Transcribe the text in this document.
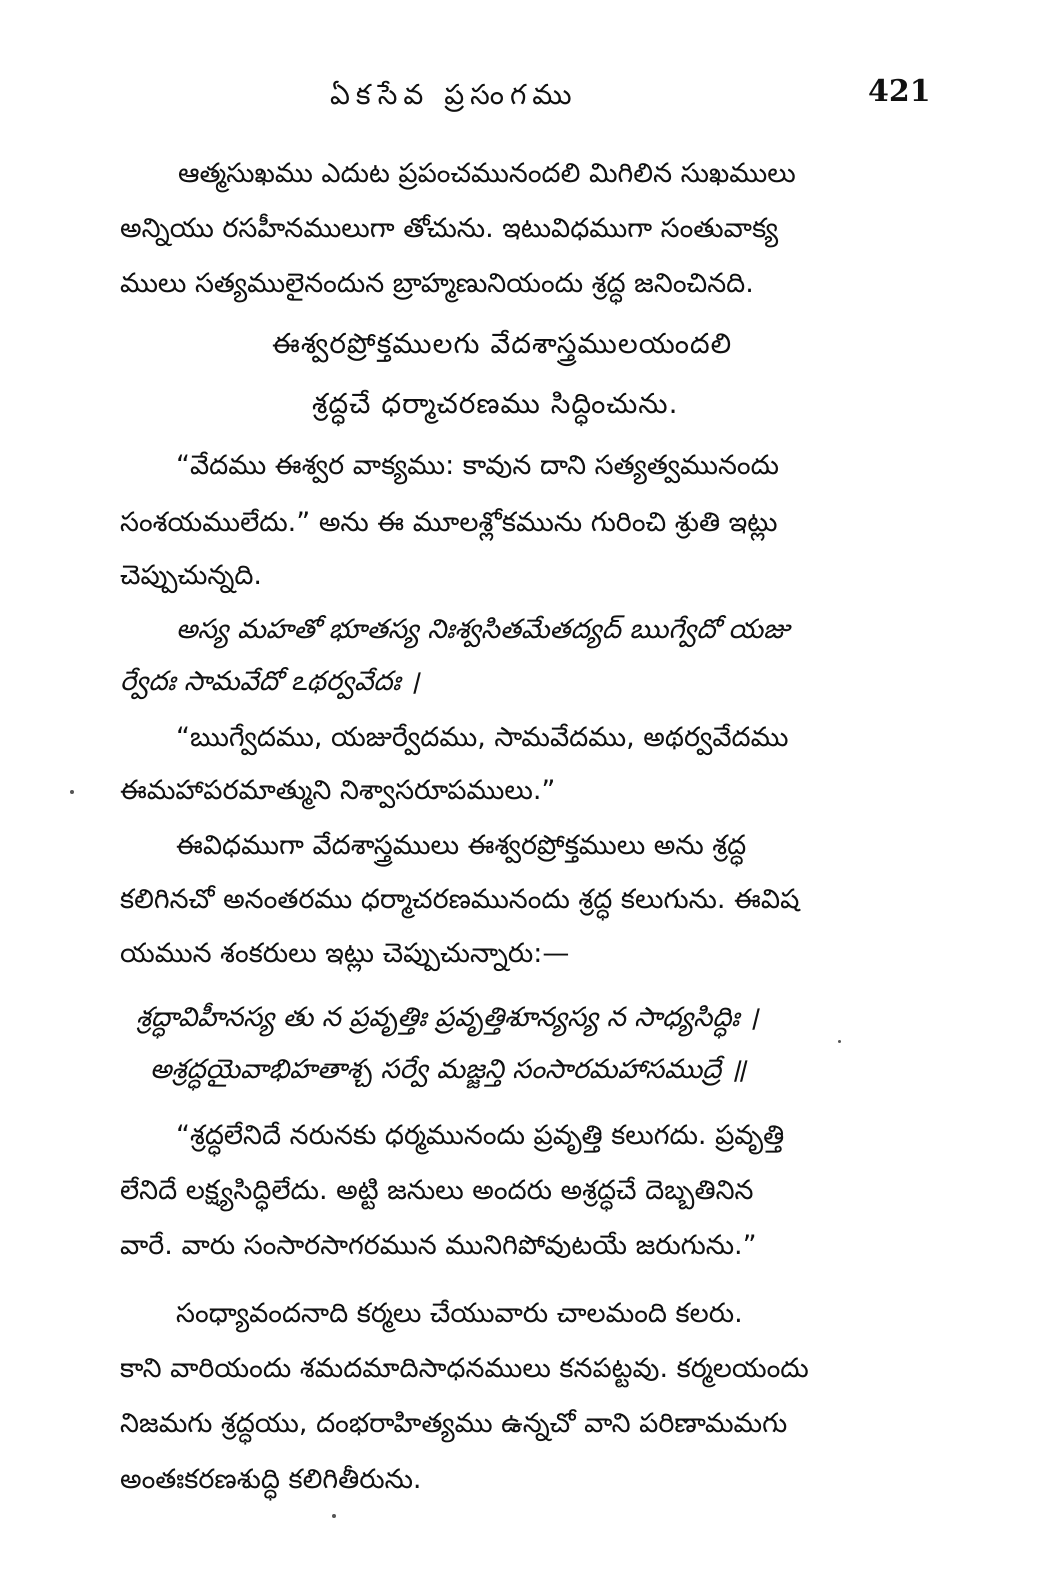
ఏకసేవ ప్రసంగము	421
ఆత్మసుఖము ఎదుట ప్రపంచమునందలి మిగిలిన సుఖములు
అన్నియు రసహీనములుగా తోచును. ఇటువిధముగా సంతువాక్య
ములు సత్యములైనందున బ్రాహ్మణునియందు శ్రద్ధ జనించినది.
ఈశ్వరప్రోక్తములగు వేదశాస్త్రములయందలి
శ్రద్ధచే ధర్మాచరణము సిద్ధించును.
“వేదము ఈశ్వర వాక్యము: కావున దాని సత్యత్వమునందు
సంశయములేదు.” అను ఈ మూలశ్లోకమును గురించి శ్రుతి ఇట్లు
చెప్పుచున్నది.
అస్య మహతో భూతస్య నిఃశ్వసితమేతద్యద్ ఋగ్వేదో యజు
ర్వేదః సామవేదో ఽథర్వవేదః ।
“ఋగ్వేదము, యజుర్వేదము, సామవేదము, అథర్వవేదము
ఈమహాపరమాత్ముని నిశ్వాసరూపములు.”
ఈవిధముగా వేదశాస్త్రములు ఈశ్వరప్రోక్తములు అను శ్రద్ధ
కలిగినచో అనంతరము ధర్మాచరణమునందు శ్రద్ధ కలుగును. ఈవిష
యమున శంకరులు ఇట్లు చెప్పుచున్నారు:—
శ్రద్ధావిహీనస్య తు న ప్రవృత్తిః ప్రవృత్తిశూన్యస్య న సాధ్యసిద్ధిః ।
అశ్రద్ధయైవాభిహతాశ్చ సర్వే మజ్జన్తి సంసారమహాసముద్రే ॥
“శ్రద్ధలేనిదే నరునకు ధర్మమునందు ప్రవృత్తి కలుగదు. ప్రవృత్తి
లేనిదే లక్ష్యసిద్ధిలేదు. అట్టి జనులు అందరు అశ్రద్ధచే దెబ్బతినిన
వారే. వారు సంసారసాగరమున మునిగిపోవుటయే జరుగును.”
సంధ్యావందనాది కర్మలు చేయువారు చాలమంది కలరు.
కాని వారియందు శమదమాదిసాధనములు కనపట్టవు. కర్మలయందు
నిజమగు శ్రద్ధయు, దంభరాహిత్యము ఉన్నచో వాని పరిణామమగు
అంతఃకరణశుద్ధి కలిగితీరును.
